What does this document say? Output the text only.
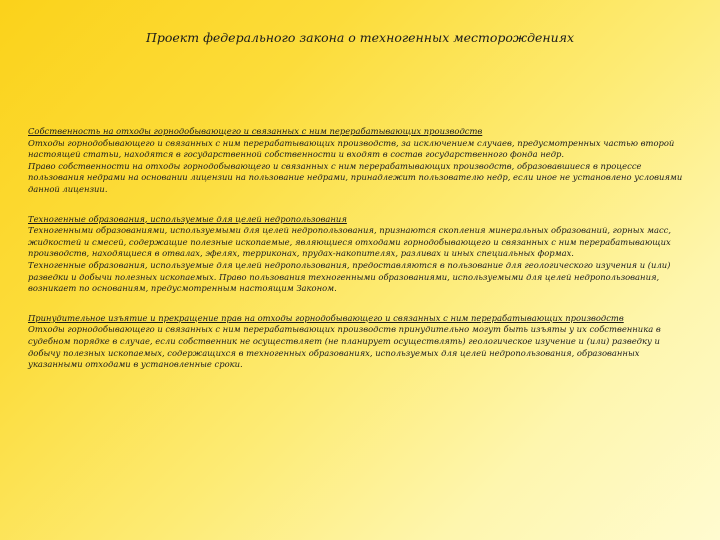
Проект федерального закона о техногенных месторождениях
Собственность на отходы горнодобывающего и связанных с ним перерабатывающих производств
Отходы горнодобывающего и связанных с ним перерабатывающих производств, за исключением случаев, предусмотренных частью второй настоящей статьи, находятся в государственной собственности и входят в состав государственного фонда недр.
Право собственности на отходы горнодобывающего и связанных с ним перерабатывающих производств, образовавшиеся в процессе пользования недрами на основании лицензии на пользование недрами, принадлежит пользователю недр, если иное не установлено условиями данной лицензии.
Техногенные образования, используемые для целей недропользования
Техногенными образованиями, используемыми для целей недропользования, признаются скопления минеральных образований, горных масс, жидкостей и смесей, содержащие полезные ископаемые, являющиеся отходами горнодобывающего и связанных с ним перерабатывающих производств, находящиеся в отвалах, эфелях, терриконах, прудах-накопителях, разливах и иных специальных формах.
Техногенные образования, используемые для целей недропользования, предоставляются в пользование для геологического изучения и (или) разведки и добычи полезных ископаемых. Право пользования техногенными образованиями, используемыми для целей недропользования, возникает по основаниям, предусмотренным настоящим Законом.
Принудительное изъятие и прекращение прав на отходы горнодобывающего и связанных с ним перерабатывающих производств
Отходы горнодобывающего и связанных с ним перерабатывающих производств принудительно могут быть изъяты у их собственника в судебном порядке в случае, если собственник не осуществляет (не планирует осуществлять) геологическое изучение и (или) разведку и добычу полезных ископаемых, содержащихся в техногенных образованиях, используемых для целей недропользования, образованных указанными отходами в установленные сроки.
